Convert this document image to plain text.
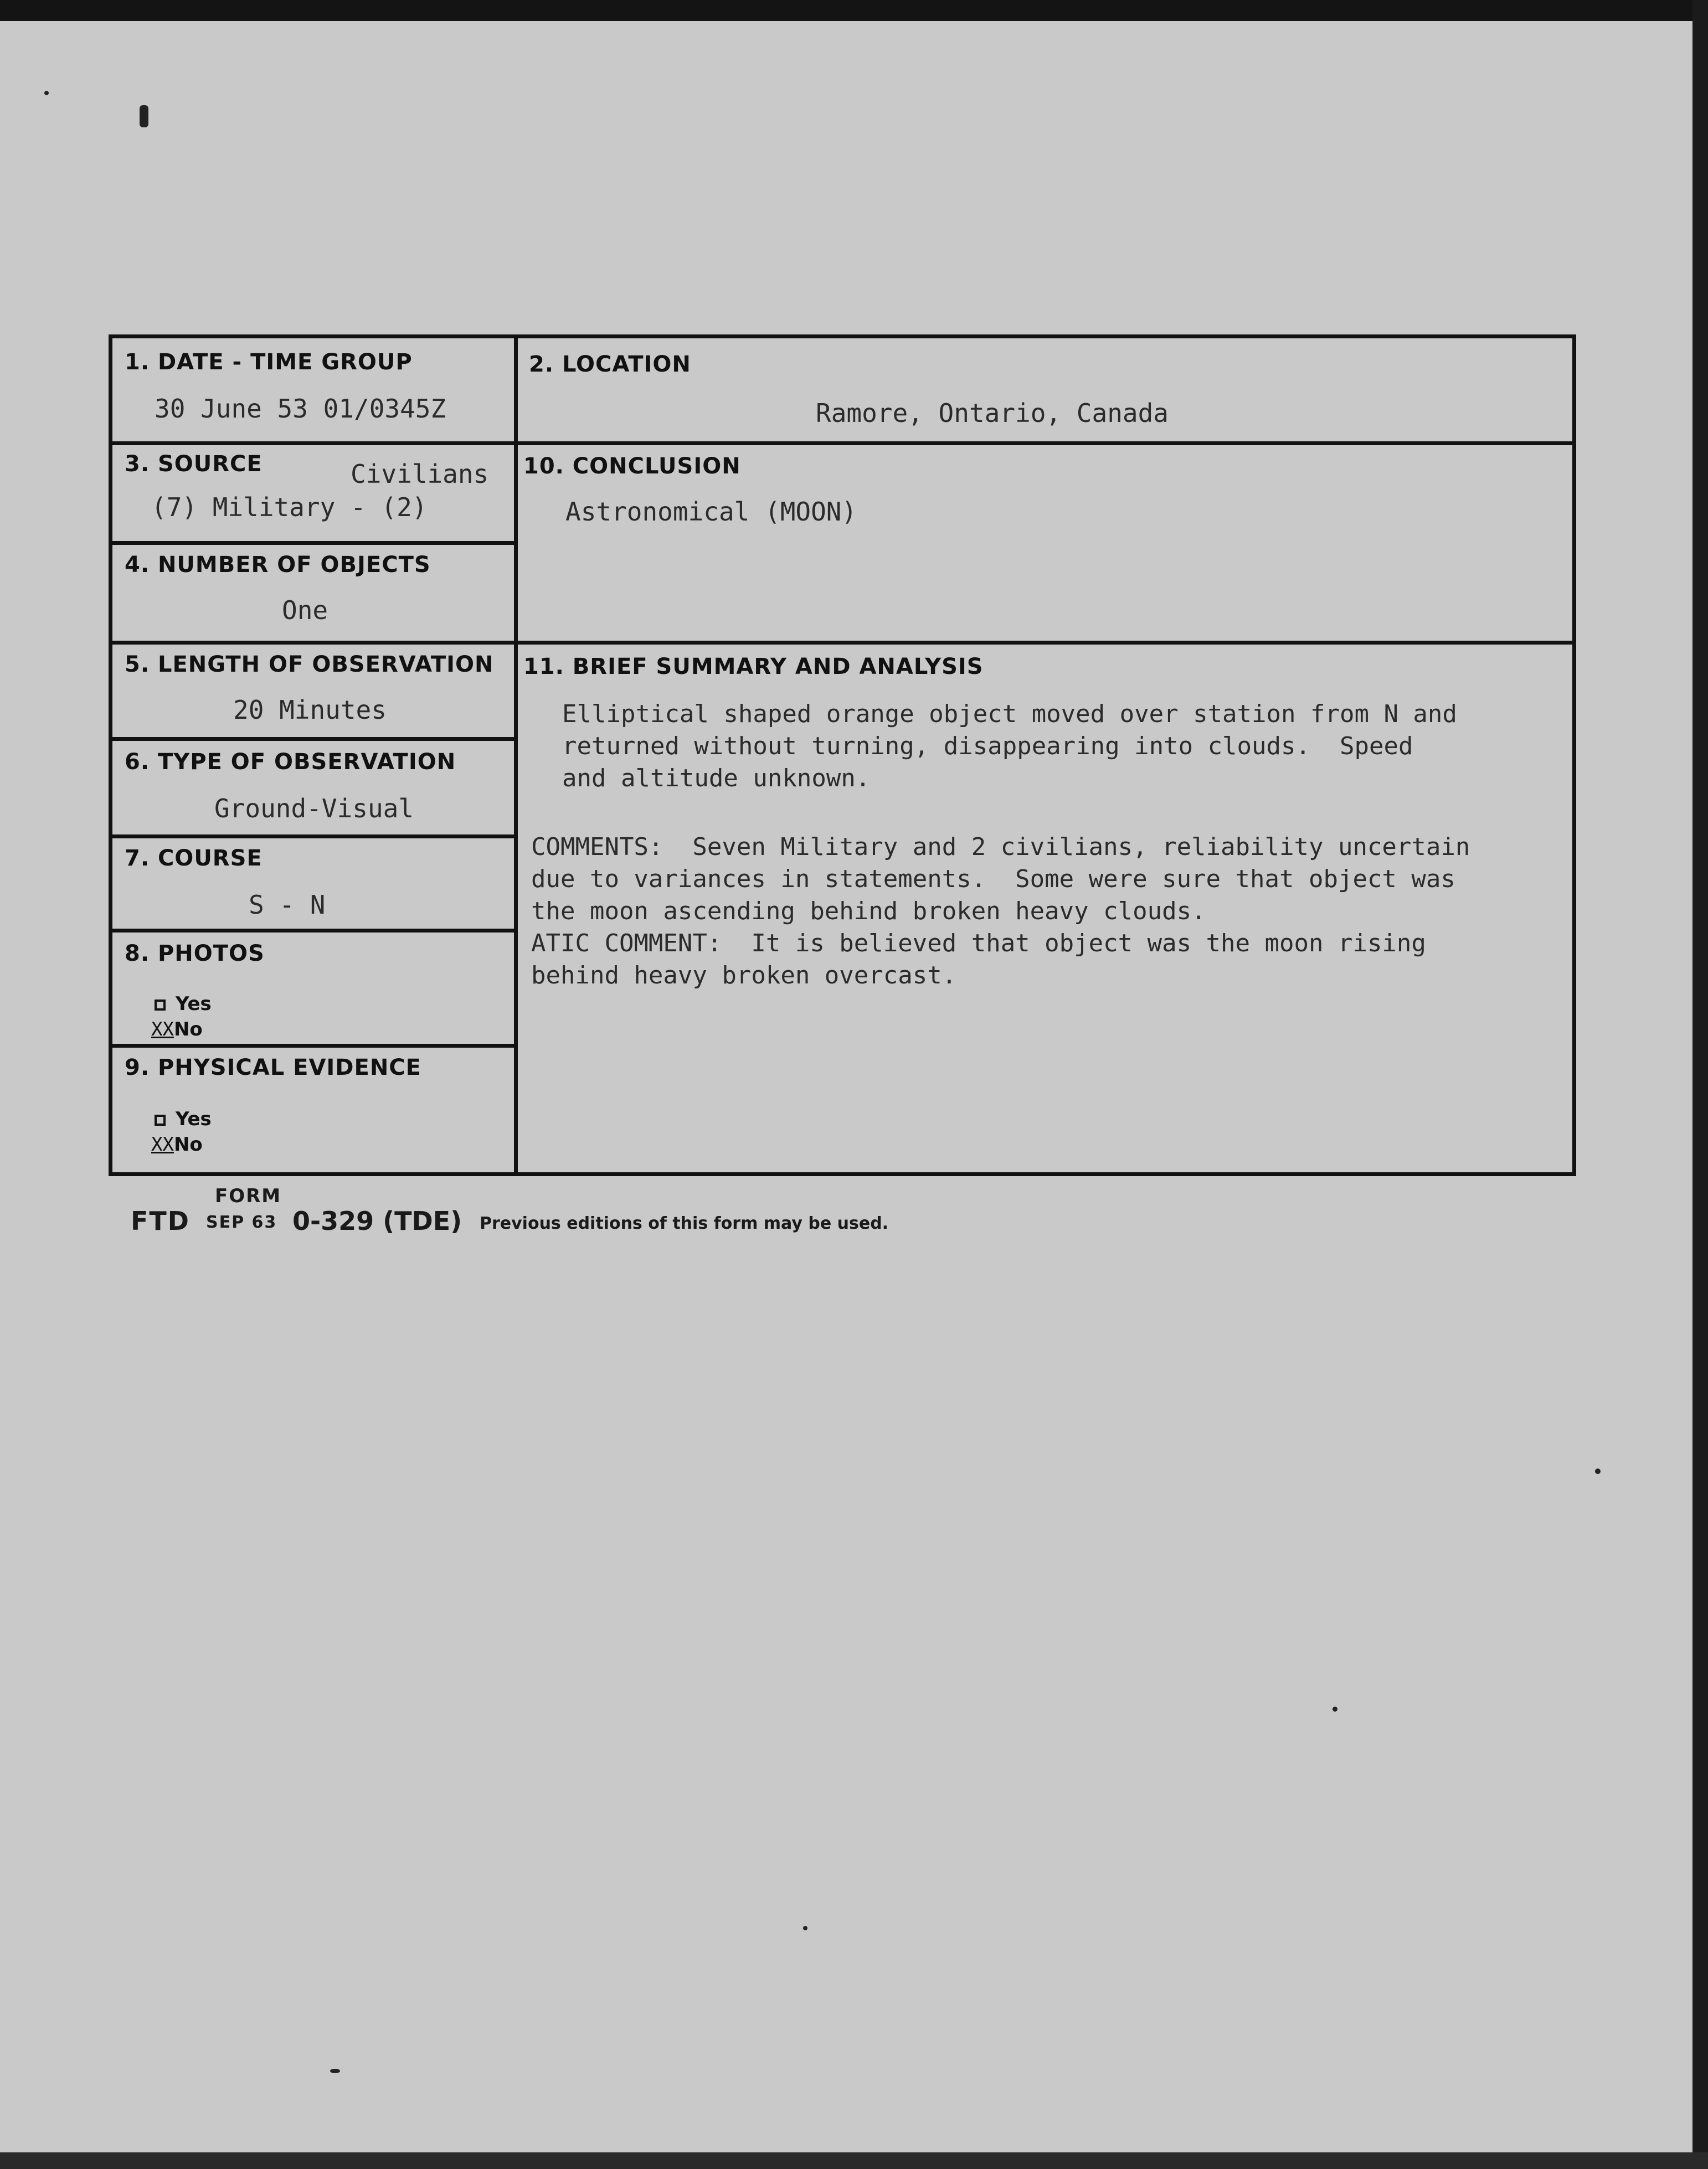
1. DATE - TIME GROUP
30 June 53 01/0345Z
2. LOCATION
Ramore, Ontario, Canada
3. SOURCE	Civilians
(7) Military - (2)
10. CONCLUSION
Astronomical (MOON)
4. NUMBER OF OBJECTS
One
5. LENGTH OF OBSERVATION
20 Minutes
11. BRIEF SUMMARY AND ANALYSIS
Elliptical shaped orange object moved over station from N and
returned without turning, disappearing into clouds.  Speed
and altitude unknown.
COMMENTS:  Seven Military and 2 civilians, reliability uncertain
due to variances in statements.  Some were sure that object was
the moon ascending behind broken heavy clouds.
ATIC COMMENT:  It is believed that object was the moon rising
behind heavy broken overcast.
6. TYPE OF OBSERVATION
Ground-Visual
7. COURSE
S - N
8. PHOTOS
Yes
XXNo
9. PHYSICAL EVIDENCE
Yes
XXNo
FORM
FTD SEP 63 0-329 (TDE) Previous editions of this form may be used.
